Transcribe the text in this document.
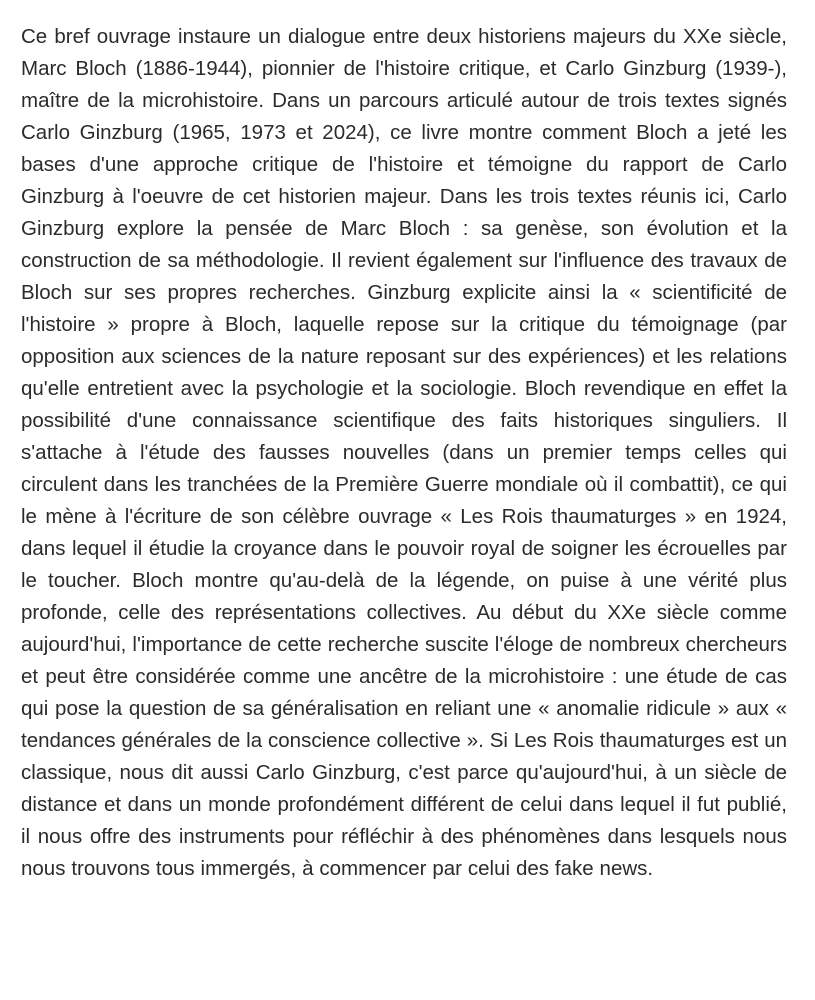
Ce bref ouvrage instaure un dialogue entre deux historiens majeurs du XXe siècle, Marc Bloch (1886-1944), pionnier de l'histoire critique, et Carlo Ginzburg (1939-), maître de la microhistoire. Dans un parcours articulé autour de trois textes signés Carlo Ginzburg (1965, 1973 et 2024), ce livre montre comment Bloch a jeté les bases d'une approche critique de l'histoire et témoigne du rapport de Carlo Ginzburg à l'oeuvre de cet historien majeur. Dans les trois textes réunis ici, Carlo Ginzburg explore la pensée de Marc Bloch : sa genèse, son évolution et la construction de sa méthodologie. Il revient également sur l'influence des travaux de Bloch sur ses propres recherches. Ginzburg explicite ainsi la « scientificité de l'histoire » propre à Bloch, laquelle repose sur la critique du témoignage (par opposition aux sciences de la nature reposant sur des expériences) et les relations qu'elle entretient avec la psychologie et la sociologie. Bloch revendique en effet la possibilité d'une connaissance scientifique des faits historiques singuliers. Il s'attache à l'étude des fausses nouvelles (dans un premier temps celles qui circulent dans les tranchées de la Première Guerre mondiale où il combattit), ce qui le mène à l'écriture de son célèbre ouvrage « Les Rois thaumaturges » en 1924, dans lequel il étudie la croyance dans le pouvoir royal de soigner les écrouelles par le toucher. Bloch montre qu'au-delà de la légende, on puise à une vérité plus profonde, celle des représentations collectives. Au début du XXe siècle comme aujourd'hui, l'importance de cette recherche suscite l'éloge de nombreux chercheurs et peut être considérée comme une ancêtre de la microhistoire : une étude de cas qui pose la question de sa généralisation en reliant une « anomalie ridicule » aux « tendances générales de la conscience collective ». Si Les Rois thaumaturges est un classique, nous dit aussi Carlo Ginzburg, c'est parce qu'aujourd'hui, à un siècle de distance et dans un monde profondément différent de celui dans lequel il fut publié, il nous offre des instruments pour réfléchir à des phénomènes dans lesquels nous nous trouvons tous immergés, à commencer par celui des fake news.
